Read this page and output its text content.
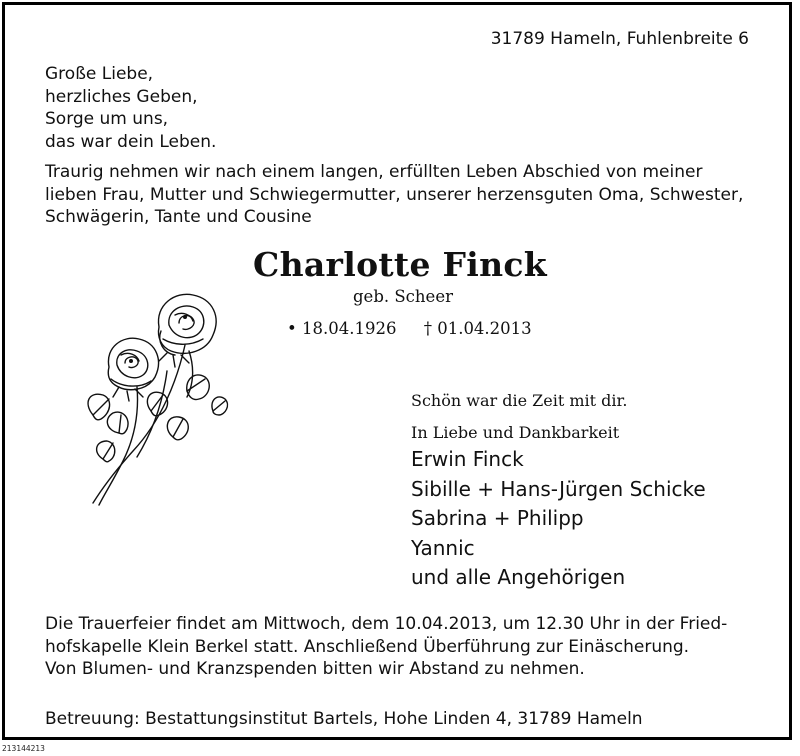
31789 Hameln, Fuhlenbreite 6
Große Liebe,
herzliches Geben,
Sorge um uns,
das war dein Leben.
Traurig nehmen wir nach einem langen, erfüllten Leben Abschied von meiner
lieben Frau, Mutter und Schwiegermutter, unserer herzensguten Oma, Schwester,
Schwägerin, Tante und Cousine
Charlotte Finck
geb. Scheer
• 18.04.1926 † 01.04.2013
Schön war die Zeit mit dir.
In Liebe und Dankbarkeit
Erwin Finck
Sibille + Hans-Jürgen Schicke
Sabrina + Philipp
Yannic
und alle Angehörigen
Die Trauerfeier findet am Mittwoch, dem 10.04.2013, um 12.30 Uhr in der Fried-
hofskapelle Klein Berkel statt. Anschließend Überführung zur Einäscherung.
Von Blumen- und Kranzspenden bitten wir Abstand zu nehmen.
Betreuung: Bestattungsinstitut Bartels, Hohe Linden 4, 31789 Hameln
213144213
